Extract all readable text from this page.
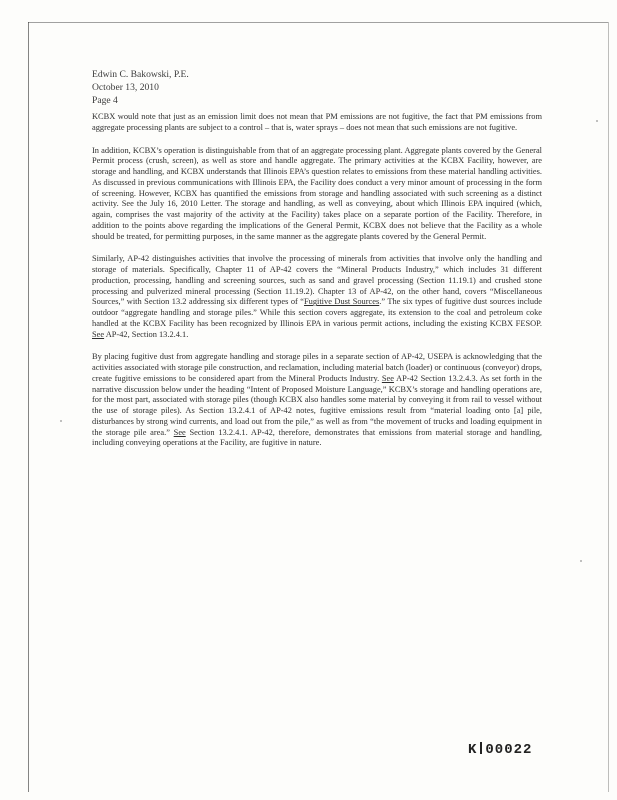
Edwin C. Bakowski, P.E.
October 13, 2010
Page 4

KCBX would note that just as an emission limit does not mean that PM emissions are not fugitive, the fact that PM emissions from aggregate processing plants are subject to a control – that is, water sprays – does not mean that such emissions are not fugitive.

In addition, KCBX’s operation is distinguishable from that of an aggregate processing plant. Aggregate plants covered by the General Permit process (crush, screen), as well as store and handle aggregate. The primary activities at the KCBX Facility, however, are storage and handling, and KCBX understands that Illinois EPA’s question relates to emissions from these material handling activities. As discussed in previous communications with Illinois EPA, the Facility does conduct a very minor amount of processing in the form of screening. However, KCBX has quantified the emissions from storage and handling associated with such screening as a distinct activity. See the July 16, 2010 Letter. The storage and handling, as well as conveying, about which Illinois EPA inquired (which, again, comprises the vast majority of the activity at the Facility) takes place on a separate portion of the Facility. Therefore, in addition to the points above regarding the implications of the General Permit, KCBX does not believe that the Facility as a whole should be treated, for permitting purposes, in the same manner as the aggregate plants covered by the General Permit.

Similarly, AP-42 distinguishes activities that involve the processing of minerals from activities that involve only the handling and storage of materials. Specifically, Chapter 11 of AP-42 covers the “Mineral Products Industry,” which includes 31 different production, processing, handling and screening sources, such as sand and gravel processing (Section 11.19.1) and crushed stone processing and pulverized mineral processing (Section 11.19.2). Chapter 13 of AP-42, on the other hand, covers “Miscellaneous Sources,” with Section 13.2 addressing six different types of “Fugitive Dust Sources.” The six types of fugitive dust sources include outdoor “aggregate handling and storage piles.” While this section covers aggregate, its extension to the coal and petroleum coke handled at the KCBX Facility has been recognized by Illinois EPA in various permit actions, including the existing KCBX FESOP. See AP-42, Section 13.2.4.1.

By placing fugitive dust from aggregate handling and storage piles in a separate section of AP-42, USEPA is acknowledging that the activities associated with storage pile construction, and reclamation, including material batch (loader) or continuous (conveyor) drops, create fugitive emissions to be considered apart from the Mineral Products Industry. See AP-42 Section 13.2.4.3. As set forth in the narrative discussion below under the heading “Intent of Proposed Moisture Language,” KCBX’s storage and handling operations are, for the most part, associated with storage piles (though KCBX also handles some material by conveying it from rail to vessel without the use of storage piles). As Section 13.2.4.1 of AP-42 notes, fugitive emissions result from “material loading onto [a] pile, disturbances by strong wind currents, and load out from the pile,” as well as from “the movement of trucks and loading equipment in the storage pile area.” See Section 13.2.4.1. AP-42, therefore, demonstrates that emissions from material storage and handling, including conveying operations at the Facility, are fugitive in nature.

K 00022
